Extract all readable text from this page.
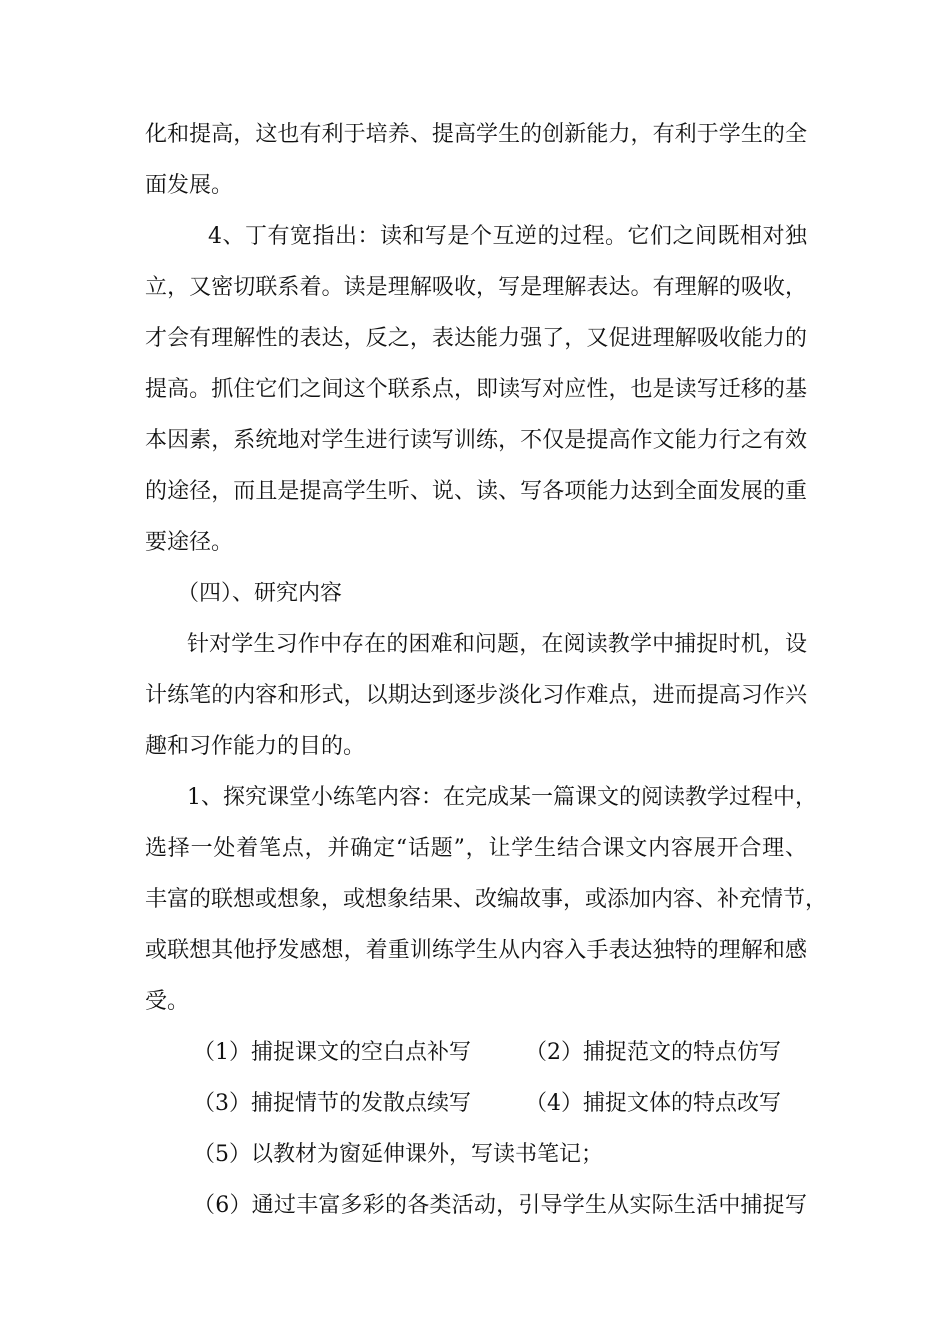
化和提高，这也有利于培养、提高学生的创新能力，有利于学生的全
面发展。
4、丁有宽指出：读和写是个互逆的过程。它们之间既相对独
立，又密切联系着。读是理解吸收，写是理解表达。有理解的吸收，
才会有理解性的表达，反之，表达能力强了，又促进理解吸收能力的
提高。抓住它们之间这个联系点，即读写对应性，也是读写迁移的基
本因素，系统地对学生进行读写训练，不仅是提高作文能力行之有效
的途径，而且是提高学生听、说、读、写各项能力达到全面发展的重
要途径。
（四）、研究内容
针对学生习作中存在的困难和问题，在阅读教学中捕捉时机，设
计练笔的内容和形式，以期达到逐步淡化习作难点，进而提高习作兴
趣和习作能力的目的。
1、探究课堂小练笔内容：在完成某一篇课文的阅读教学过程中，
选择一处着笔点，并确定“话题”，让学生结合课文内容展开合理、
丰富的联想或想象，或想象结果、改编故事，或添加内容、补充情节，
或联想其他抒发感想，着重训练学生从内容入手表达独特的理解和感
受。
（1）捕捉课文的空白点补写 （2）捕捉范文的特点仿写
（3）捕捉情节的发散点续写 （4）捕捉文体的特点改写
（5）以教材为窗延伸课外，写读书笔记；
（6）通过丰富多彩的各类活动，引导学生从实际生活中捕捉写
